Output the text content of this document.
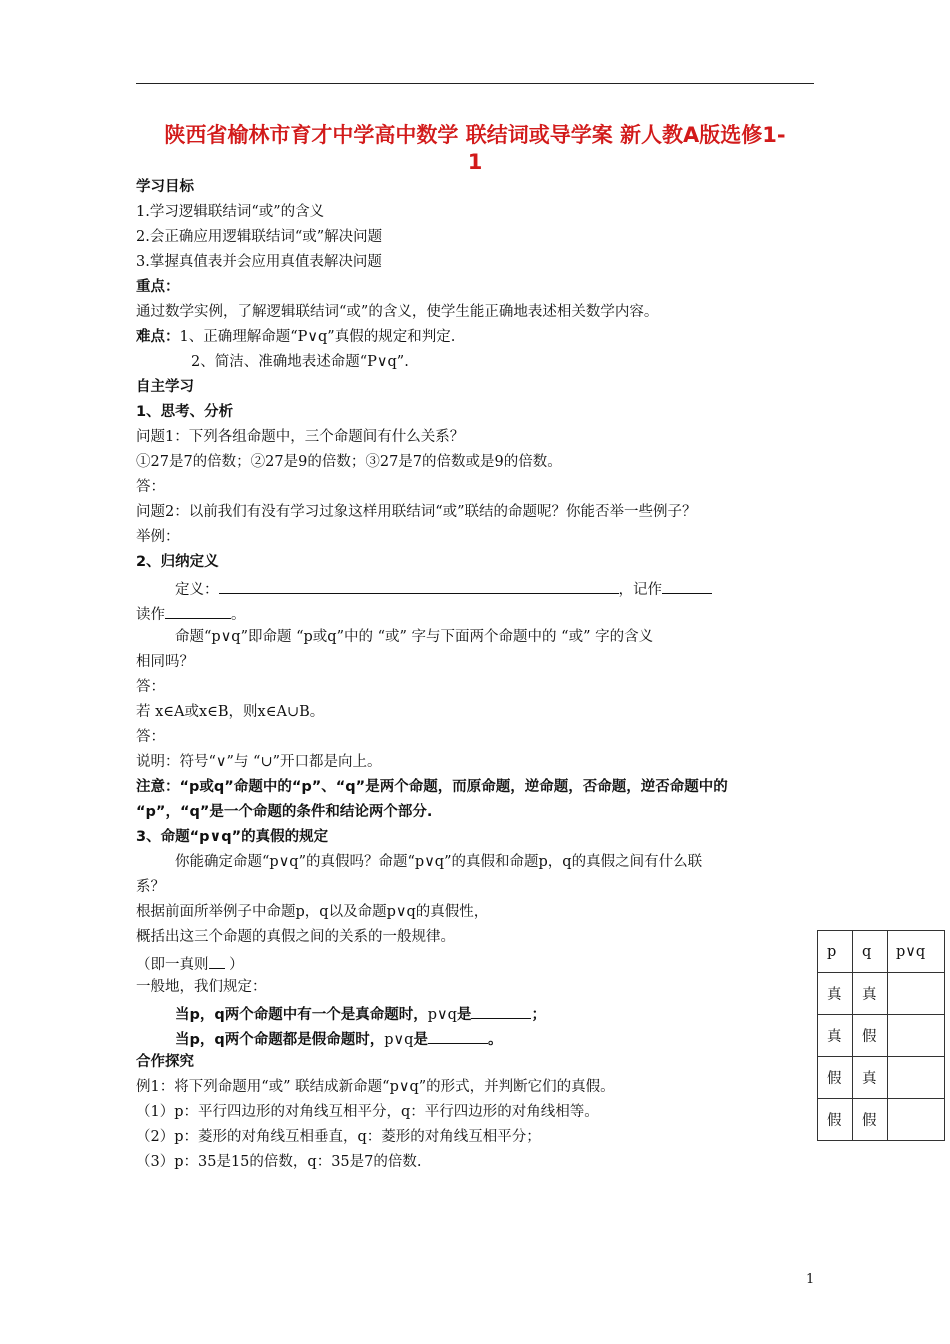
陕西省榆林市育才中学高中数学 联结词或导学案 新人教A版选修1-
1
学习目标
1.学习逻辑联结词“或”的含义
2.会正确应用逻辑联结词“或”解决问题
3.掌握真值表并会应用真值表解决问题
重点：
通过数学实例，了解逻辑联结词“或”的含义，使学生能正确地表述相关数学内容。
难点：1、正确理解命题“P∨q”真假的规定和判定.
2、简洁、准确地表述命题“P∨q”.
自主学习
1、思考、分析
问题1：下列各组命题中，三个命题间有什么关系？
①27是7的倍数；②27是9的倍数；③27是7的倍数或是9的倍数。
答：
问题2：以前我们有没有学习过象这样用联结词“或”联结的命题呢？你能否举一些例子？
举例：
2、归纳定义
定义：	，记作
读作	。
命题“p∨q”即命题 “p或q”中的 “或” 字与下面两个命题中的 “或” 字的含义
相同吗？
答：
若 x∈A或x∈B，则x∈A∪B。
答：
说明：符号“∨”与 “∪”开口都是向上。
注意：“p或q”命题中的“p”、“q”是两个命题，而原命题，逆命题，否命题，逆否命题中的
“p”，“q”是一个命题的条件和结论两个部分.
3、命题“p∨q”的真假的规定
你能确定命题“p∨q”的真假吗？命题“p∨q”的真假和命题p，q的真假之间有什么联
系？
根据前面所举例子中命题p，q以及命题p∨q的真假性，
概括出这三个命题的真假之间的关系的一般规律。
（即一真则 ）
一般地，我们规定：
当p，q两个命题中有一个是真命题时，p∨q是	；
当p，q两个命题都是假命题时，p∨q是	。
合作探究
例1：将下列命题用“或” 联结成新命题“p∨q”的形式，并判断它们的真假。
（1）p：平行四边形的对角线互相平分，q：平行四边形的对角线相等。
（2）p：菱形的对角线互相垂直，q：菱形的对角线互相平分；
（3）p：35是15的倍数，q：35是7的倍数.
p	q	p∨q
真	真	
真	假	
假	真	
假	假	
1
